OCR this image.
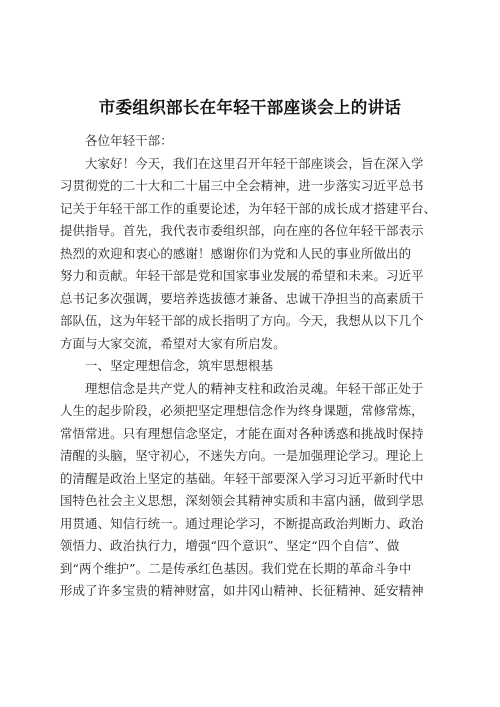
市委组织部长在年轻干部座谈会上的讲话
各位年轻干部：
大家好！今天，我们在这里召开年轻干部座谈会，旨在深入学
习贯彻党的二十大和二十届三中全会精神，进一步落实习近平总书
记关于年轻干部工作的重要论述，为年轻干部的成长成才搭建平台、
提供指导。首先，我代表市委组织部，向在座的各位年轻干部表示
热烈的欢迎和衷心的感谢！感谢你们为党和人民的事业所做出的
努力和贡献。年轻干部是党和国家事业发展的希望和未来。习近平
总书记多次强调，要培养选拔德才兼备、忠诚干净担当的高素质干
部队伍，这为年轻干部的成长指明了方向。今天，我想从以下几个
方面与大家交流，希望对大家有所启发。
一、坚定理想信念，筑牢思想根基
理想信念是共产党人的精神支柱和政治灵魂。年轻干部正处于
人生的起步阶段，必须把坚定理想信念作为终身课题，常修常炼，
常悟常进。只有理想信念坚定，才能在面对各种诱惑和挑战时保持
清醒的头脑，坚守初心，不迷失方向。一是加强理论学习。理论上
的清醒是政治上坚定的基础。年轻干部要深入学习习近平新时代中
国特色社会主义思想，深刻领会其精神实质和丰富内涵，做到学思
用贯通、知信行统一。通过理论学习，不断提高政治判断力、政治
领悟力、政治执行力，增强“四个意识”、坚定“四个自信”、做
到“两个维护”。二是传承红色基因。我们党在长期的革命斗争中
形成了许多宝贵的精神财富，如井冈山精神、长征精神、延安精神
